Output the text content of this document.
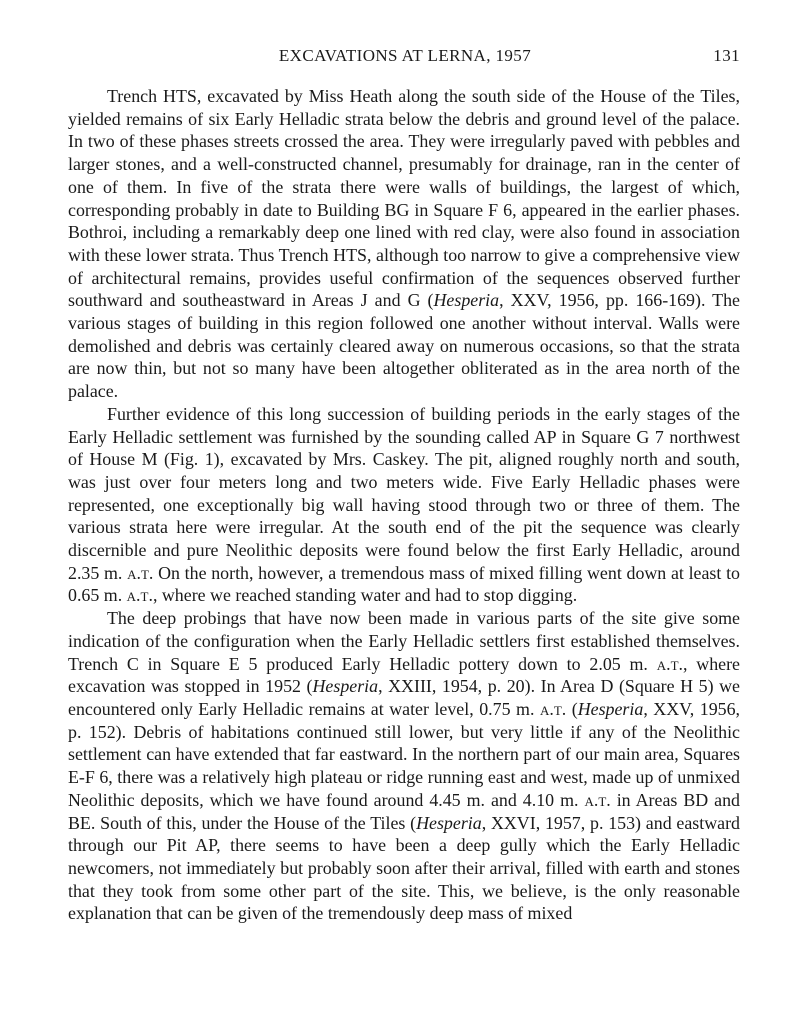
EXCAVATIONS AT LERNA, 1957	131

Trench HTS, excavated by Miss Heath along the south side of the House of the Tiles, yielded remains of six Early Helladic strata below the debris and ground level of the palace. In two of these phases streets crossed the area. They were irregularly paved with pebbles and larger stones, and a well-constructed channel, presumably for drainage, ran in the center of one of them. In five of the strata there were walls of buildings, the largest of which, corresponding probably in date to Building BG in Square F 6, appeared in the earlier phases. Bothroi, including a remarkably deep one lined with red clay, were also found in association with these lower strata. Thus Trench HTS, although too narrow to give a comprehensive view of architectural remains, provides useful confirmation of the sequences observed further southward and southeastward in Areas J and G (Hesperia, XXV, 1956, pp. 166-169). The various stages of building in this region followed one another without interval. Walls were demolished and debris was certainly cleared away on numerous occasions, so that the strata are now thin, but not so many have been altogether obliterated as in the area north of the palace.

Further evidence of this long succession of building periods in the early stages of the Early Helladic settlement was furnished by the sounding called AP in Square G 7 northwest of House M (Fig. 1), excavated by Mrs. Caskey. The pit, aligned roughly north and south, was just over four meters long and two meters wide. Five Early Helladic phases were represented, one exceptionally big wall having stood through two or three of them. The various strata here were irregular. At the south end of the pit the sequence was clearly discernible and pure Neolithic deposits were found below the first Early Helladic, around 2.35 m. a.t. On the north, however, a tremendous mass of mixed filling went down at least to 0.65 m. a.t., where we reached standing water and had to stop digging.

The deep probings that have now been made in various parts of the site give some indication of the configuration when the Early Helladic settlers first established themselves. Trench C in Square E 5 produced Early Helladic pottery down to 2.05 m. a.t., where excavation was stopped in 1952 (Hesperia, XXIII, 1954, p. 20). In Area D (Square H 5) we encountered only Early Helladic remains at water level, 0.75 m. a.t. (Hesperia, XXV, 1956, p. 152). Debris of habitations continued still lower, but very little if any of the Neolithic settlement can have extended that far eastward. In the northern part of our main area, Squares E-F 6, there was a relatively high plateau or ridge running east and west, made up of unmixed Neolithic deposits, which we have found around 4.45 m. and 4.10 m. a.t. in Areas BD and BE. South of this, under the House of the Tiles (Hesperia, XXVI, 1957, p. 153) and eastward through our Pit AP, there seems to have been a deep gully which the Early Helladic newcomers, not immediately but probably soon after their arrival, filled with earth and stones that they took from some other part of the site. This, we believe, is the only reasonable explanation that can be given of the tremendously deep mass of mixed
